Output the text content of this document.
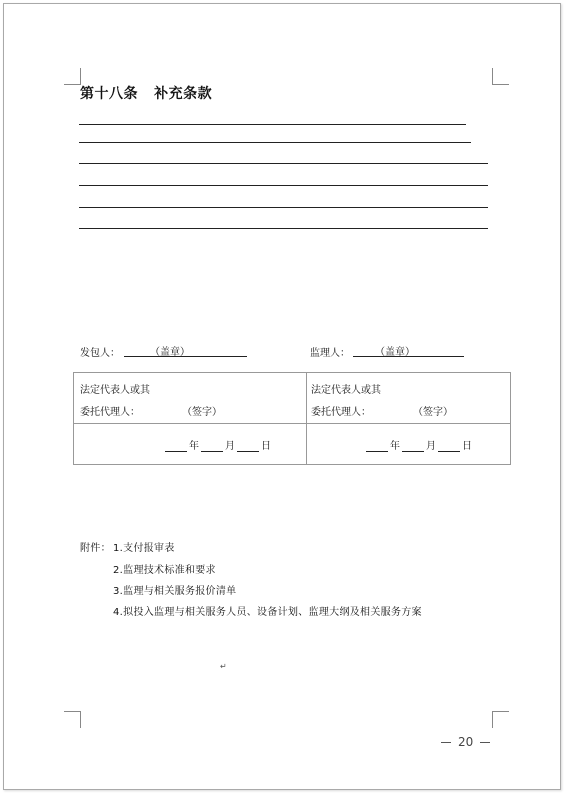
第十八条   补充条款
发包人：	（盖章）	监理人：	（盖章）
法定代表人或其
委托代理人：	（签字）
法定代表人或其
委托代理人：	（签字）
年	月	日	年	月	日
附件： 1.支付报审表
2.监理技术标准和要求
3.监理与相关服务报价清单
4.拟投入监理与相关服务人员、设备计划、监理大纲及相关服务方案
↵
20
